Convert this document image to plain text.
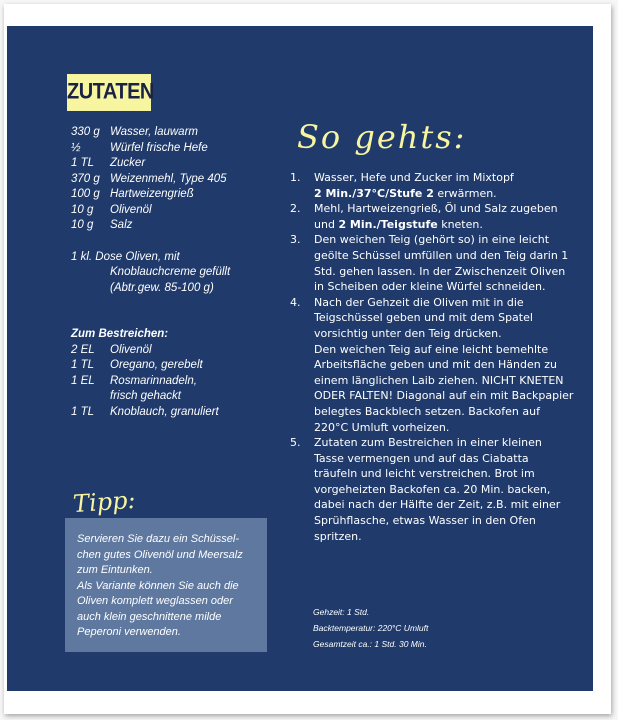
ZUTATEN
330 g Wasser, lauwarm
½	Würfel frische Hefe
1 TL	Zucker
370 g Weizenmehl, Type 405
100 g Hartweizengrieß
10 g	Olivenöl
10 g	Salz
1 kl. Dose Oliven, mit
Knoblauchcreme gefüllt
(Abtr.gew. 85-100 g)
Zum Bestreichen:
2 EL	Olivenöl
1 TL	Oregano, gerebelt
1 EL	Rosmarinnadeln,
frisch gehackt
1 TL	Knoblauch, granuliert
So gehts:
1.	Wasser, Hefe und Zucker im Mixtopf
2 Min./37°C/Stufe 2 erwärmen.
2.	Mehl, Hartweizengrieß, Öl und Salz zugeben und 2 Min./Teigstufe kneten.
3.	Den weichen Teig (gehört so) in eine leicht geölte Schüssel umfüllen und den Teig darin 1 Std. gehen lassen. In der Zwischenzeit Oliven in Scheiben oder kleine Würfel schneiden.
4.	Nach der Gehzeit die Oliven mit in die Teigschüssel geben und mit dem Spatel vorsichtig unter den Teig drücken.
Den weichen Teig auf eine leicht bemehlte Arbeitsfläche geben und mit den Händen zu einem länglichen Laib ziehen. NICHT KNETEN ODER FALTEN! Diagonal auf ein mit Backpapier belegtes Backblech setzen. Backofen auf 220°C Umluft vorheizen.
5.	Zutaten zum Bestreichen in einer kleinen Tasse vermengen und auf das Ciabatta träufeln und leicht verstreichen. Brot im vorgeheizten Backofen ca. 20 Min. backen, dabei nach der Hälfte der Zeit, z.B. mit einer Sprühflasche, etwas Wasser in den Ofen spritzen.
Tipp:
Servieren Sie dazu ein Schüssel-
chen gutes Olivenöl und Meersalz
zum Eintunken.
Als Variante können Sie auch die
Oliven komplett weglassen oder
auch klein geschnittene milde
Peperoni verwenden.
Gehzeit: 1 Std.
Backtemperatur: 220°C Umluft
Gesamtzeit ca.: 1 Std. 30 Min.
